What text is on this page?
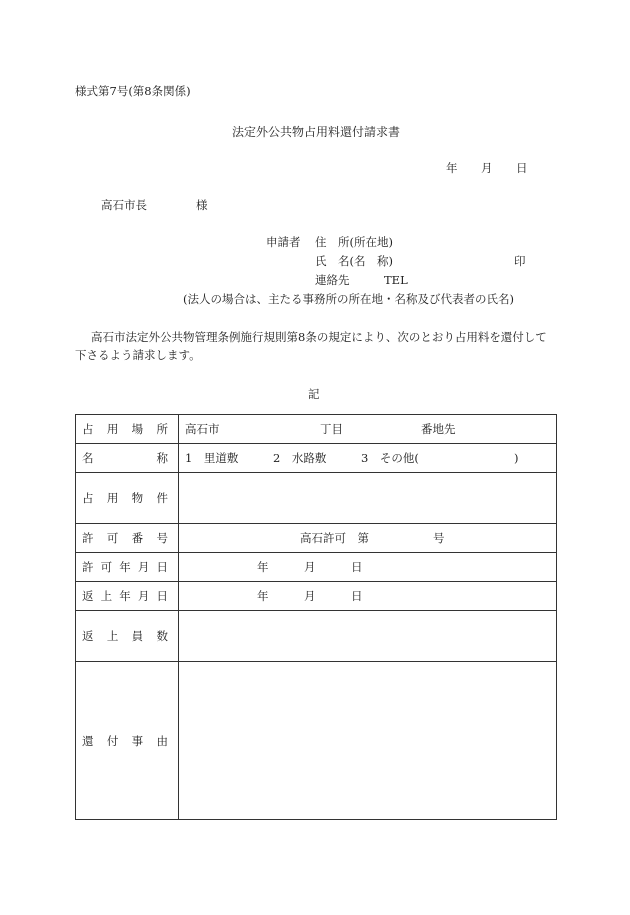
様式第7号(第8条関係)
法定外公共物占用料還付請求書
年 月 日
高石市長	様
申請者 住　所(所在地)
氏　名(名　称)	印
連絡先	TEL
(法人の場合は、主たる事務所の所在地・名称及び代表者の氏名)
高石市法定外公共物管理条例施行規則第8条の規定により、次のとおり占用料を還付して
下さるよう請求します。
記
占 用 場 所	高石市 丁目 番地先

名 称	1　里道敷 2　水路敷 3　その他( )

占 用 物 件	

許 可 番 号	高石許可　第 号

許 可 年 月 日	年 月 日

返 上 年 月 日	年 月 日

返 上 員 数	

還 付 事 由	
